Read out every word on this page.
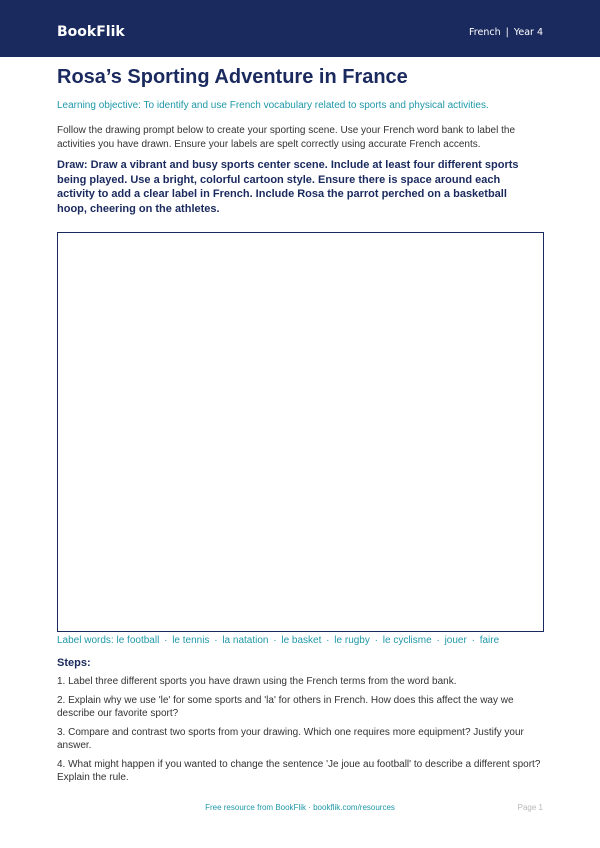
BookFlik	French | Year 4
Rosa’s Sporting Adventure in France

Learning objective: To identify and use French vocabulary related to sports and physical activities.

Follow the drawing prompt below to create your sporting scene. Use your French word bank to label the activities you have drawn. Ensure your labels are spelt correctly using accurate French accents.

Draw: Draw a vibrant and busy sports center scene. Include at least four different sports being played. Use a bright, colorful cartoon style. Ensure there is space around each activity to add a clear label in French. Include Rosa the parrot perched on a basketball hoop, cheering on the athletes.

Label words: le football · le tennis · la natation · le basket · le rugby · le cyclisme · jouer · faire
Steps:
1. Label three different sports you have drawn using the French terms from the word bank.
2. Explain why we use 'le' for some sports and 'la' for others in French. How does this affect the way we describe our favorite sport?
3. Compare and contrast two sports from your drawing. Which one requires more equipment? Justify your answer.
4. What might happen if you wanted to change the sentence 'Je joue au football' to describe a different sport? Explain the rule.
Free resource from BookFlik · bookflik.com/resources	Page 1
